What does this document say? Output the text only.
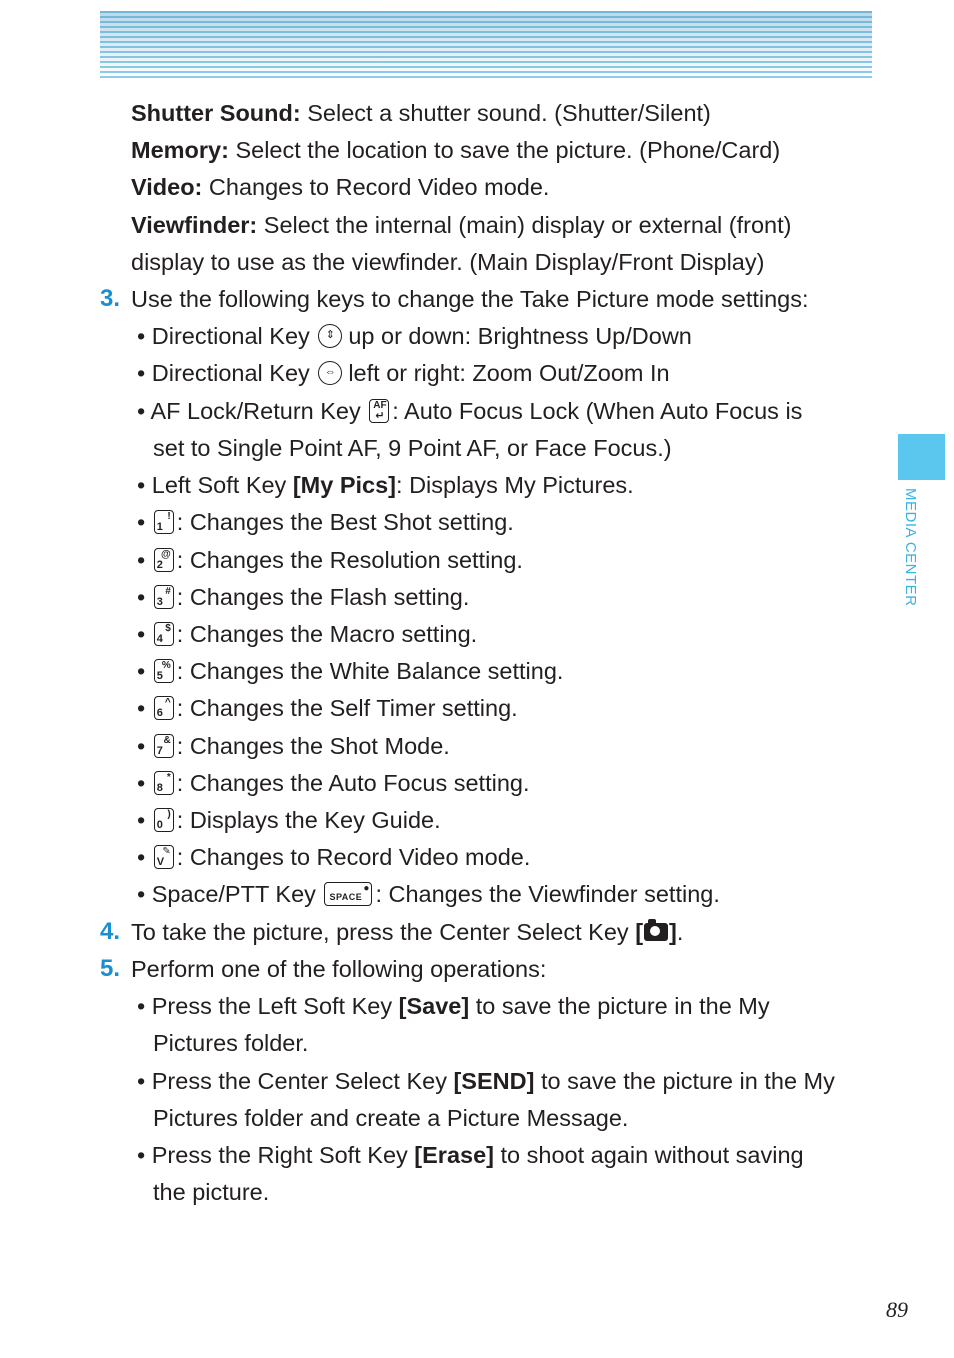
MEDIA CENTER
Shutter Sound: Select a shutter sound. (Shutter/Silent)
Memory: Select the location to save the picture. (Phone/Card)
Video: Changes to Record Video mode.
Viewfinder: Select the internal (main) display or external (front)
display to use as the viewfinder. (Main Display/Front Display)
3. Use the following keys to change the Take Picture mode settings:
• Directional Key ⇕ up or down: Brightness Up/Down
• Directional Key ⇔ left or right: Zoom Out/Zoom In
• AF Lock/Return Key AF
↵ : Auto Focus Lock (When Auto Focus is
set to Single Point AF, 9 Point AF, or Face Focus.)
• Left Soft Key [My Pics]: Displays My Pictures.
• 1
! : Changes the Best Shot setting.
• 2
@ : Changes the Resolution setting.
• 3
# : Changes the Flash setting.
• 4
$ : Changes the Macro setting.
• 5
% : Changes the White Balance setting.
• 6
^ : Changes the Self Timer setting.
• 7
& : Changes the Shot Mode.
• 8
* : Changes the Auto Focus setting.
• 0
) : Displays the Key Guide.
• V
✎ : Changes to Record Video mode.
• Space/PTT Key SPACE
● : Changes the Viewfinder setting.
4. To take the picture, press the Center Select Key [ ].
5. Perform one of the following operations:
• Press the Left Soft Key [Save] to save the picture in the My
Pictures folder.
• Press the Center Select Key [SEND] to save the picture in the My
Pictures folder and create a Picture Message.
• Press the Right Soft Key [Erase] to shoot again without saving
the picture.
89
